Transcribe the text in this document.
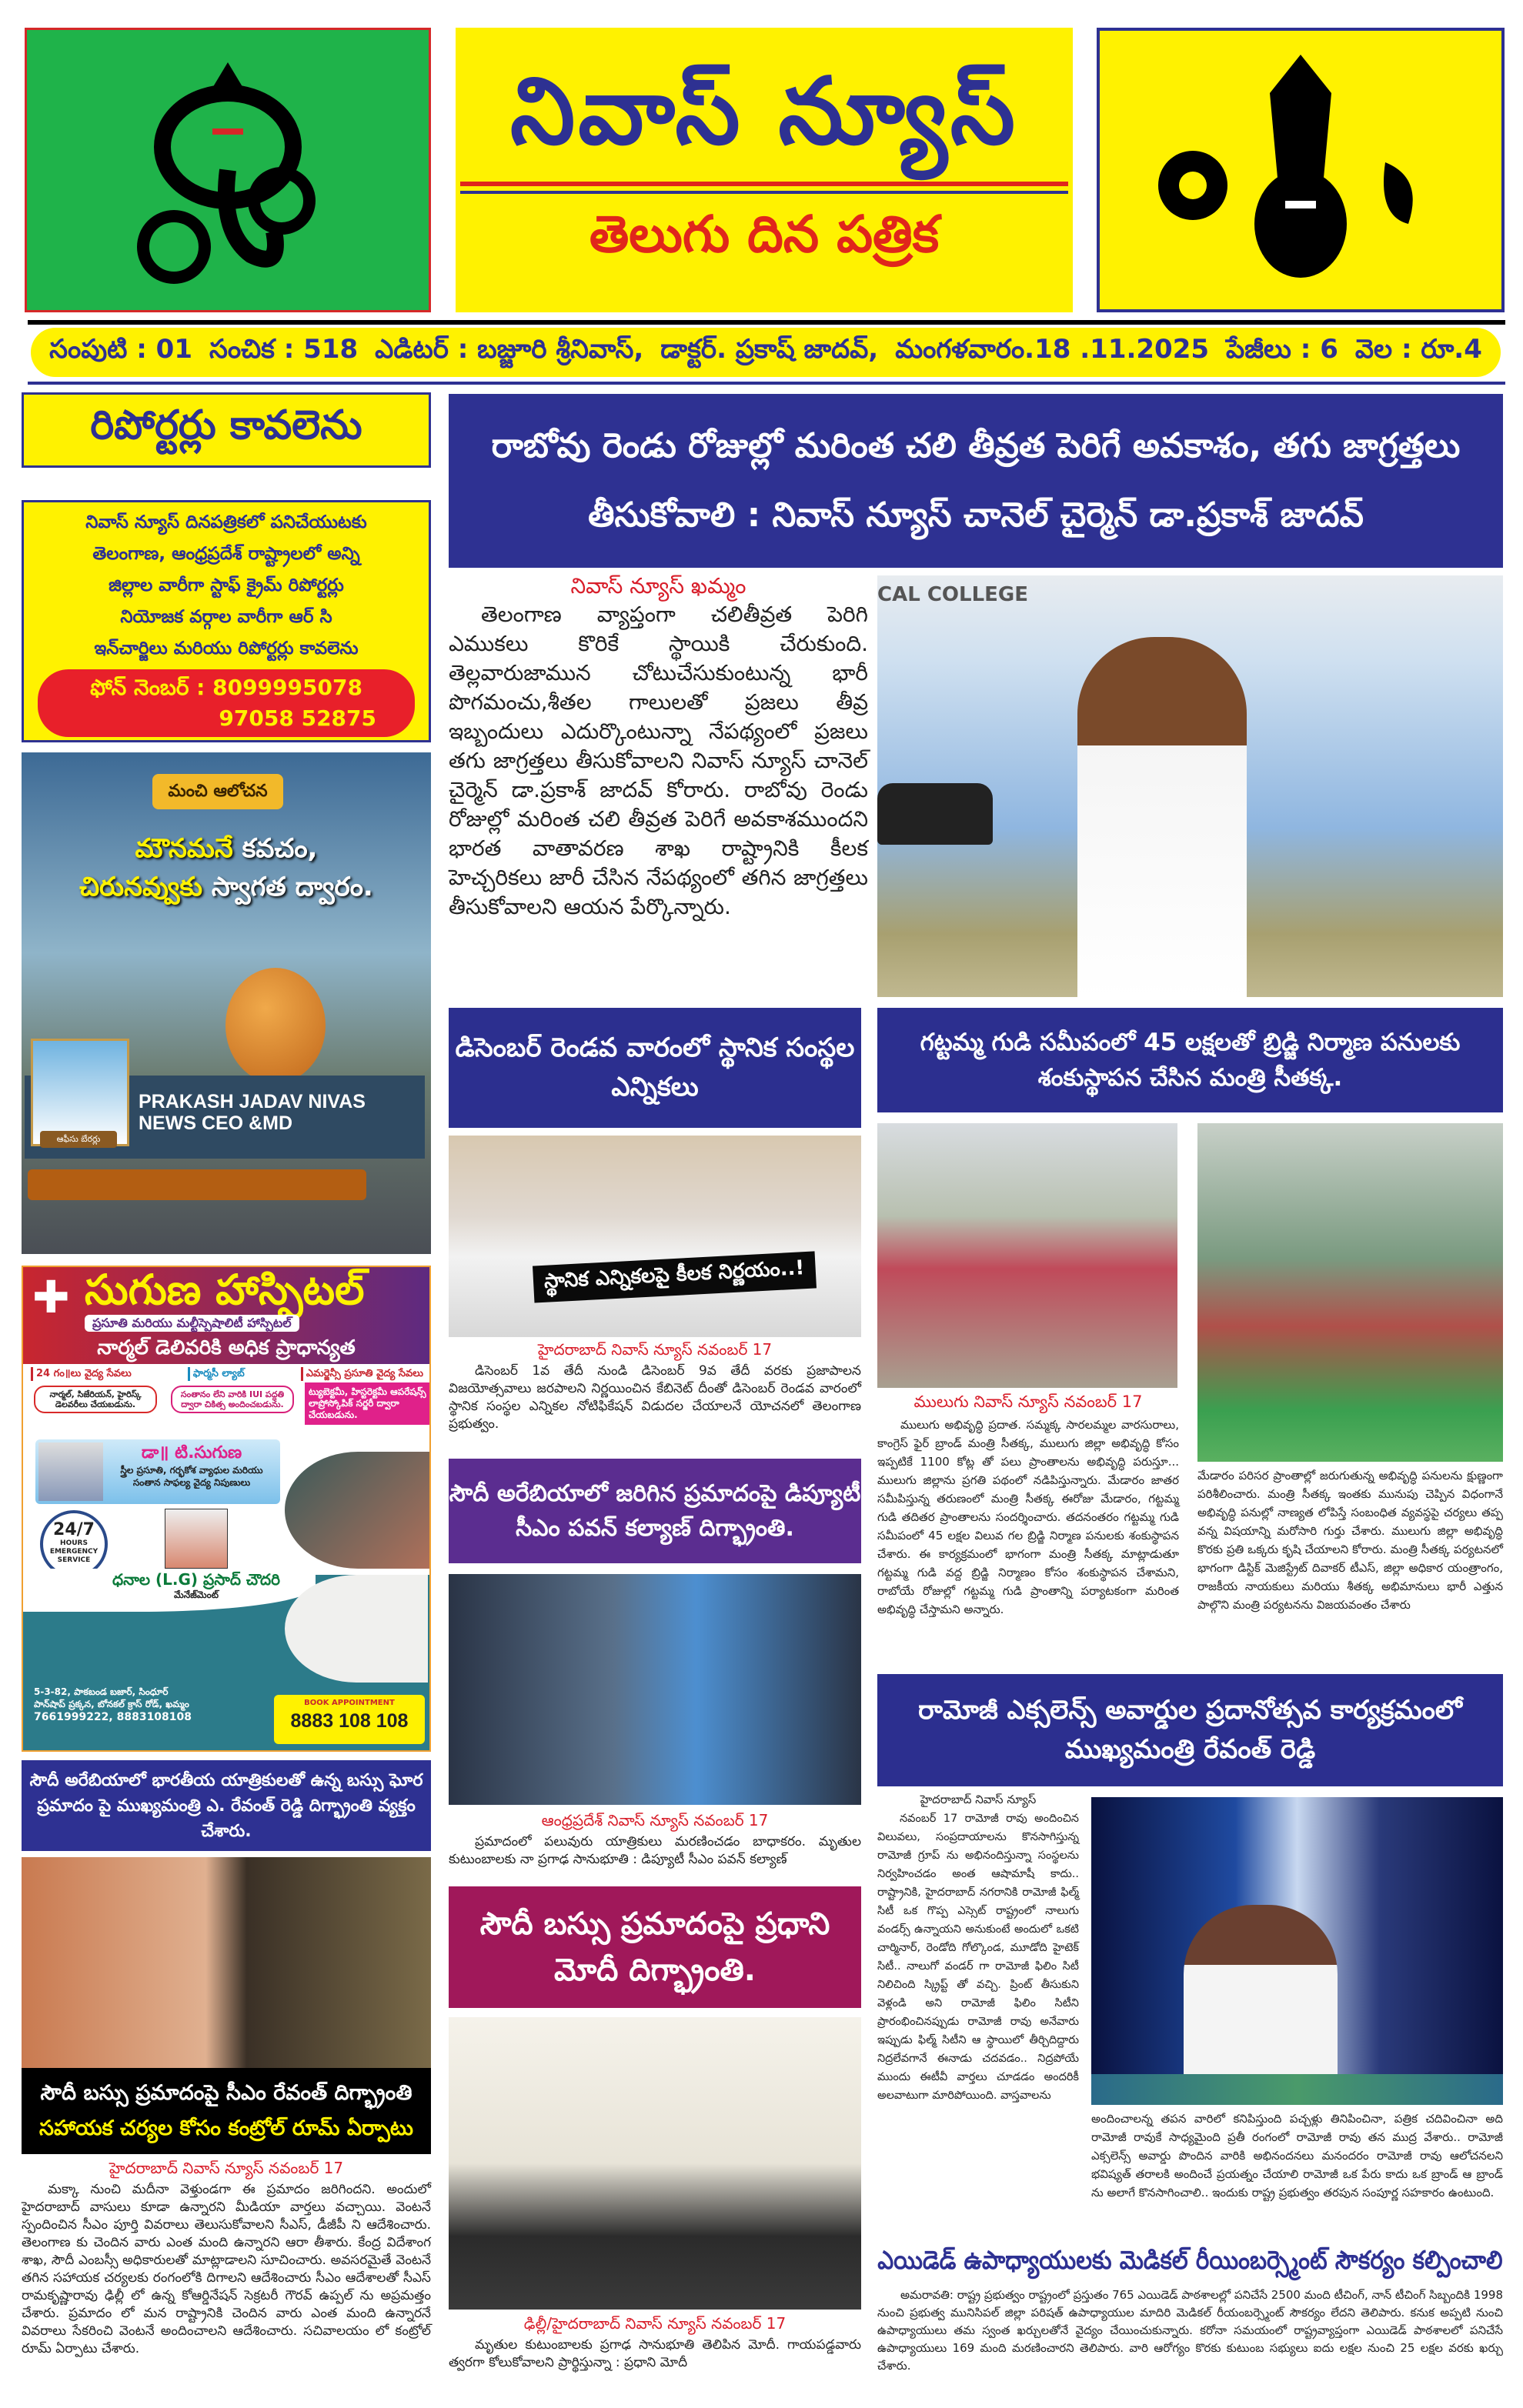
నివాస్ న్యూస్
తెలుగు దిన పత్రిక
సంపుటి : 01 సంచిక : 518 ఎడిటర్ : బజ్జూరి శ్రీనివాస్, డాక్టర్. ప్రకాష్ జాదవ్, మంగళవారం.18 .11.2025 పేజీలు : 6 వెల : రూ.4
రిపోర్టర్లు కావలెను
నివాస్ న్యూస్ దినపత్రికలో పనిచేయుటకు
తెలంగాణ, ఆంధ్రప్రదేశ్ రాష్ట్రాలలో అన్ని
జిల్లాల వారీగా స్టాఫ్ క్రైమ్ రిపోర్టర్లు
నియోజక వర్గాల వారీగా ఆర్ సి
ఇన్‌చార్జిలు మరియు రిపోర్టర్లు కావలెను
ఫోన్ నెంబర్ : 8099995078
97058 52875
మంచి ఆలోచన
మౌనమనే కవచం,
చిరునవ్వుకు స్వాగత ద్వారం.
ఆఫీసు బేరర్లు
PRAKASH JADAV NIVAS
NEWS CEO &MD
✚ సుగుణ హాస్పిటల్
ప్రసూతి మరియు మల్టీస్పెషాలిటీ హాస్పిటల్
నార్మల్ డెలివరికి అధిక ప్రాధాన్యత
24 గం॥లు వైద్య సేవలు	ఫార్మసీ ల్యాబ్	ఎమర్జెన్సీ ప్రసూతి వైద్య సేవలు
నార్మల్, సిజేరియన్, హైరిస్క్ డెలవరీలు చేయబడును.
సంతానం లేని వారికి IUI పద్ధతి ద్వారా చికిత్స అందించబడును.
ట్యుబెక్టమీ, హిస్టరెక్టమీ ఆపరేషన్స్ లాప్రోస్కోపిక్ సర్జరీ ద్వారా చేయబడును.
డా॥ టి.సుగుణ
స్త్రీల ప్రసూతి, గర్భకోశ వ్యాధుల మరియు
సంతాన సాఫల్య వైద్య నిపుణులు
24/7
HOURS
EMERGENCY
SERVICE
ధనాల (L.G) ప్రసాద్ చౌదరి
మేనేజ్‌మెంట్
5-3-82, పాకబండ బజార్, సింధూర్
పాన్‌షాప్ ప్రక్కన, బోనకల్ క్రాస్ రోడ్, ఖమ్మం
7661999222, 8883108108
BOOK APPOINTMENT
8883 108 108
సౌదీ అరేబియాలో భారతీయ యాత్రికులతో ఉన్న బస్సు ఘోర ప్రమాదం పై ముఖ్యమంత్రి ఎ. రేవంత్ రెడ్డి దిగ్భ్రాంతి వ్యక్తం చేశారు.
సౌదీ బస్సు ప్రమాదంపై సీఎం రేవంత్ దిగ్భ్రాంతి
సహాయక చర్యల కోసం కంట్రోల్ రూమ్ ఏర్పాటు
హైదరాబాద్ నివాస్ న్యూస్ నవంబర్ 17
మక్కా నుంచి మదీనా వెళ్తుండగా ఈ ప్రమాదం జరిగిందని. అందులో హైదరాబాద్ వాసులు కూడా ఉన్నారని మీడియా వార్తలు వచ్చాయి. వెంటనే స్పందించిన సీఎం పూర్తి వివరాలు తెలుసుకోవాలని సీఎస్, డీజీపీ ని ఆదేశించారు. తెలంగాణ కు చెందిన వారు ఎంత మంది ఉన్నారని ఆరా తీశారు. కేంద్ర విదేశాంగ శాఖ, సౌదీ ఎంబస్సీ అధికారులతో మాట్లాడాలని సూచించారు. అవసరమైతే వెంటనే తగిన సహాయక చర్యలకు రంగంలోకి దిగాలని ఆదేశించారు సీఎం ఆదేశాలతో సీఎస్ రామకృష్ణారావు ఢిల్లీ లో ఉన్న కోఆర్డినేషన్ సెక్రటరీ గౌరవ్ ఉప్పల్ ను అప్రమత్తం చేశారు. ప్రమాదం లో మన రాష్ట్రానికి చెందిన వారు ఎంత మంది ఉన్నారనే వివరాలు సేకరించి వెంటనే అందించాలని ఆదేశించారు. సచివాలయం లో కంట్రోల్ రూమ్ ఏర్పాటు చేశారు.
రాబోవు రెండు రోజుల్లో మరింత చలి తీవ్రత పెరిగే అవకాశం, తగు జాగ్రత్తలు తీసుకోవాలి : నివాస్ న్యూస్ చానెల్ చైర్మెన్ డా.ప్రకాశ్ జాదవ్
నివాస్ న్యూస్ ఖమ్మం
తెలంగాణ వ్యాప్తంగా చలితీవ్రత పెరిగి ఎముకలు కొరికే స్థాయికి చేరుకుంది. తెల్లవారుజామున చోటుచేసుకుంటున్న భారీ పొగమంచు,శీతల గాలులతో ప్రజలు తీవ్ర ఇబ్బందులు ఎదుర్కొంటున్నా నేపథ్యంలో ప్రజలు తగు జాగ్రత్తలు తీసుకోవాలని నివాస్ న్యూస్ చానెల్ చైర్మెన్ డా.ప్రకాశ్ జాదవ్ కోరారు. రాబోవు రెండు రోజుల్లో మరింత చలి తీవ్రత పెరిగే అవకాశముందని భారత వాతావరణ శాఖ రాష్ట్రానికి కీలక హెచ్చరికలు జారీ చేసిన నేపథ్యంలో తగిన జాగ్రత్తలు తీసుకోవాలని ఆయన పేర్కొన్నారు.
CAL COLLEGE
డిసెంబర్ రెండవ వారంలో స్థానిక సంస్థల ఎన్నికలు
స్థానిక ఎన్నికలపై కీలక నిర్ణయం..!
హైదరాబాద్ నివాస్ న్యూస్ నవంబర్ 17
డిసెంబర్ 1వ తేదీ నుండి డిసెంబర్ 9వ తేదీ వరకు ప్రజాపాలన విజయోత్సవాలు జరపాలని నిర్ణయించిన కేబినెట్ దీంతో డిసెంబర్ రెండవ వారంలో స్థానిక సంస్థల ఎన్నికల నోటిఫికేషన్ విడుదల చేయాలనే యోచనలో తెలంగాణ ప్రభుత్వం.
సౌదీ అరేబియాలో జరిగిన ప్రమాదంపై డిప్యూటీ సీఎం పవన్ కల్యాణ్ దిగ్భ్రాంతి.
ఆంధ్రప్రదేశ్ నివాస్ న్యూస్ నవంబర్ 17
ప్రమాదంలో పలువురు యాత్రికులు మరణించడం బాధాకరం. మృతుల కుటుంబాలకు నా ప్రగాఢ సానుభూతి : డిప్యూటీ సీఎం పవన్ కల్యాణ్
సౌదీ బస్సు ప్రమాదంపై ప్రధాని మోదీ దిగ్భ్రాంతి.
ఢిల్లీ/హైదరాబాద్ నివాస్ న్యూస్ నవంబర్ 17
మృతుల కుటుంబాలకు ప్రగాఢ సానుభూతి తెలిపిన మోదీ. గాయపడ్డవారు త్వరగా కోలుకోవాలని ప్రార్థిస్తున్నా : ప్రధాని మోదీ
గట్టమ్మ గుడి సమీపంలో 45 లక్షలతో బ్రిడ్జి నిర్మాణ పనులకు శంకుస్థాపన చేసిన మంత్రి సీతక్క.
ములుగు నివాస్ న్యూస్ నవంబర్ 17
ములుగు అభివృద్ధి ప్రదాత. సమ్మక్క సారలమ్మల వారసురాలు, కాంగ్రెస్ ఫైర్ బ్రాండ్ మంత్రి సీతక్క, ములుగు జిల్లా అభివృద్ధి కోసం ఇప్పటికే 1100 కోట్ల తో పలు ప్రాంతాలను అభివృద్ధి పరుస్తూ... ములుగు జిల్లాను ప్రగతి పథంలో నడిపిస్తున్నారు. మేడారం జాతర సమీపిస్తున్న తరుణంలో మంత్రి సీతక్క ఈరోజు మేడారం, గట్టమ్మ గుడి తదితర ప్రాంతాలను సందర్శించారు. తదనంతరం గట్టమ్మ గుడి సమీపంలో 45 లక్షల విలువ గల బ్రిడ్జి నిర్మాణ పనులకు శంకుస్థాపన చేశారు. ఈ కార్యక్రమంలో భాగంగా మంత్రి సీతక్క మాట్లాడుతూ గట్టమ్మ గుడి వద్ద బ్రిడ్జి నిర్మాణం కోసం శంకుస్థాపన చేశామని, రాబోయే రోజుల్లో గట్టమ్మ గుడి ప్రాంతాన్ని పర్యాటకంగా మరింత అభివృద్ధి చేస్తామని అన్నారు.
మేడారం పరిసర ప్రాంతాల్లో జరుగుతున్న అభివృద్ధి పనులను క్షుణ్ణంగా పరిశీలించారు. మంత్రి సీతక్క ఇంతకు మునుపు చెప్పిన విధంగానే అభివృద్ధి పనుల్లో నాణ్యత లోపిస్తే సంబంధిత వ్యవస్థపై చర్యలు తప్ప వన్న విషయాన్ని మరోసారి గుర్తు చేశారు. ములుగు జిల్లా అభివృద్ధి కొరకు ప్రతి ఒక్కరు కృషి చేయాలని కోరారు. మంత్రి సీతక్క పర్యటనలో భాగంగా డిస్టిక్ మెజిస్ట్రేట్ దివాకర్ టీఎస్, జిల్లా అధికార యంత్రాంగం, రాజకీయ నాయకులు మరియు శీతక్క అభిమానులు భారీ ఎత్తున పాల్గొని మంత్రి పర్యటనను విజయవంతం చేశారు
రామోజీ ఎక్సలెన్స్ అవార్డుల ప్రదానోత్సవ కార్యక్రమంలో ముఖ్యమంత్రి రేవంత్ రెడ్డి
హైదరాబాద్ నివాస్ న్యూస్
నవంబర్ 17 రామోజీ రావు అందించిన విలువలు, సంప్రదాయాలను కొనసాగిస్తున్న రామోజీ గ్రూప్ ను అభినందిస్తున్నా సంస్థలను నిర్వహించడం అంత ఆషామాషీ కాదు.. రాష్ట్రానికి, హైదరాబాద్ నగరానికి రామోజీ ఫిల్మ్ సిటీ ఒక గొప్ప ఎస్సెట్ రాష్ట్రంలో నాలుగు వండర్స్ ఉన్నాయని అనుకుంటే అందులో ఒకటి చార్మినార్, రెండోది గోల్కొండ, మూడోది హైటెక్ సిటీ.. నాలుగో వండర్ గా రామోజీ ఫిలిం సిటీ నిలిచింది స్క్రిప్ట్ తో వచ్చి. ప్రింట్ తీసుకుని వెళ్లండి అని రామోజీ ఫిలిం సిటీని ప్రారంభించినప్పుడు రామోజీ రావు అనేవారు ఇప్పుడు ఫిల్మ్ సిటీని ఆ స్థాయిలో తీర్చిదిద్దారు నిద్రలేవగానే ఈనాడు చదవడం.. నిద్రపోయే ముందు ఈటీవీ వార్తలు చూడడం అందరికీ అలవాటుగా మారిపోయింది. వాస్తవాలను
అందించాలన్న తపన వారిలో కనిపిస్తుంది పచ్చళ్లు తినిపించినా, పత్రిక చదివించినా అది రామోజీ రావుకే సాధ్యమైంది ప్రతీ రంగంలో రామోజీ రావు తన ముద్ర వేశారు.. రామోజీ ఎక్సలెన్స్ అవార్డు పొందిన వారికి అభినందనలు మనందరం రామోజీ రావు ఆలోచనలని భవిష్యత్ తరాలకి అందించే ప్రయత్నం చేయాలి రామోజీ ఒక పేరు కాదు ఒక బ్రాండ్ ఆ బ్రాండ్ ను అలాగే కొనసాగించాలి.. ఇందుకు రాష్ట్ర ప్రభుత్వం తరపున సంపూర్ణ సహకారం ఉంటుంది.
ఎయిడెడ్ ఉపాధ్యాయులకు మెడికల్ రీయింబర్స్మెంట్ సౌకర్యం కల్పించాలి
అమరావతి: రాష్ట్ర ప్రభుత్వం రాష్ట్రంలో ప్రస్తుతం 765 ఎయిడెడ్ పాఠశాలల్లో పనిచేసే 2500 మంది టీచింగ్, నాన్ టీచింగ్ సిబ్బందికి 1998 నుంచి ప్రభుత్వ మునిసిపల్ జిల్లా పరిషత్ ఉపాధ్యాయుల మాదిరి మెడికల్ రీయంబర్స్మెంట్ సౌకర్యం లేదని తెలిపారు. కనుక అప్పటి నుంచి ఉపాధ్యాయులు తమ స్వంత ఖర్చులతోనే వైద్యం చేయించుకున్నారు. కరోనా సమయంలో రాష్ట్రవ్యాప్తంగా ఎయిడెడ్ పాఠశాలలో పనిచేసే ఉపాధ్యాయులు 169 మంది మరణించారని తెలిపారు. వారి ఆరోగ్యం కొరకు కుటుంబ సభ్యులు ఐదు లక్షల నుంచి 25 లక్షల వరకు ఖర్చు చేశారు.
